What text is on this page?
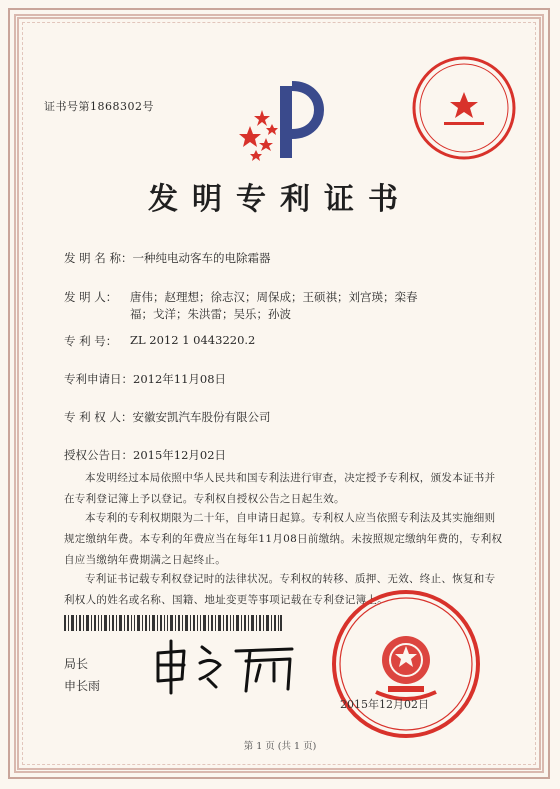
证书号第1868302号
发明专利证书
发 明 名 称： 一种纯电动客车的电除霜器
发 明 人：	唐伟；赵理想；徐志汉；周保成；王硕祺；刘宫瑛；栾春福；戈洋；朱洪雷；吴乐；孙波
专 利 号：	ZL 2012 1 0443220.2
专利申请日： 2012年11月08日
专 利 权 人： 安徽安凯汽车股份有限公司
授权公告日： 2015年12月02日
本发明经过本局依照中华人民共和国专利法进行审查，决定授予专利权，颁发本证书并在专利登记簿上予以登记。专利权自授权公告之日起生效。
本专利的专利权期限为二十年，自申请日起算。专利权人应当依照专利法及其实施细则规定缴纳年费。本专利的年费应当在每年11月08日前缴纳。未按照规定缴纳年费的，专利权自应当缴纳年费期满之日起终止。
专利证书记载专利权登记时的法律状况。专利权的转移、质押、无效、终止、恢复和专利权人的姓名或名称、国籍、地址变更等事项记载在专利登记簿上。
局长
申长雨
2015年12月02日
第 1 页 (共 1 页)
